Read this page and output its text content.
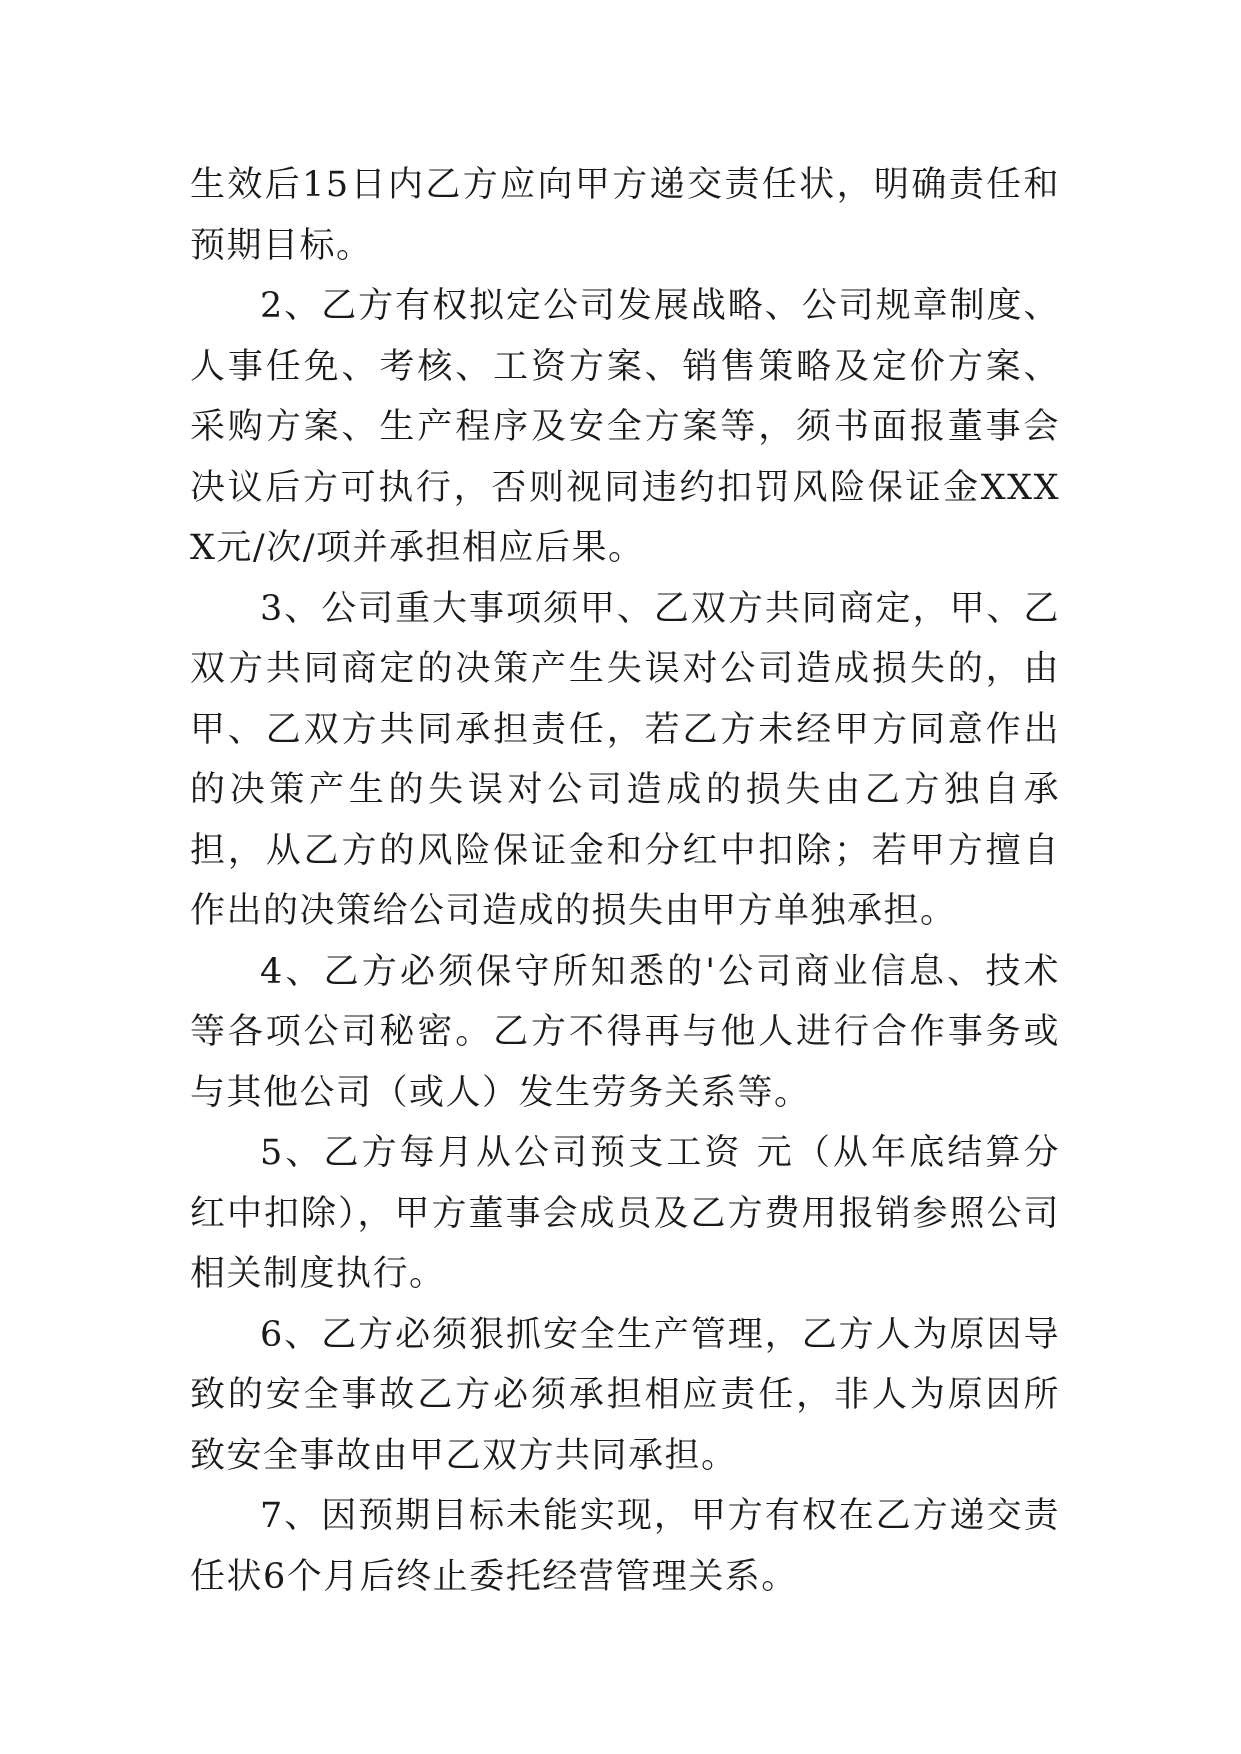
生效后15日内乙方应向甲方递交责任状，明确责任和预期目标。

2、乙方有权拟定公司发展战略、公司规章制度、人事任免、考核、工资方案、销售策略及定价方案、采购方案、生产程序及安全方案等，须书面报董事会决议后方可执行，否则视同违约扣罚风险保证金XXXX元/次/项并承担相应后果。

3、公司重大事项须甲、乙双方共同商定，甲、乙双方共同商定的决策产生失误对公司造成损失的，由甲、乙双方共同承担责任，若乙方未经甲方同意作出的决策产生的失误对公司造成的损失由乙方独自承担，从乙方的风险保证金和分红中扣除；若甲方擅自作出的决策给公司造成的损失由甲方单独承担。

4、乙方必须保守所知悉的'公司商业信息、技术等各项公司秘密。乙方不得再与他人进行合作事务或与其他公司（或人）发生劳务关系等。

5、乙方每月从公司预支工资 元（从年底结算分红中扣除），甲方董事会成员及乙方费用报销参照公司相关制度执行。

6、乙方必须狠抓安全生产管理，乙方人为原因导致的安全事故乙方必须承担相应责任，非人为原因所致安全事故由甲乙双方共同承担。

7、因预期目标未能实现，甲方有权在乙方递交责任状6个月后终止委托经营管理关系。
